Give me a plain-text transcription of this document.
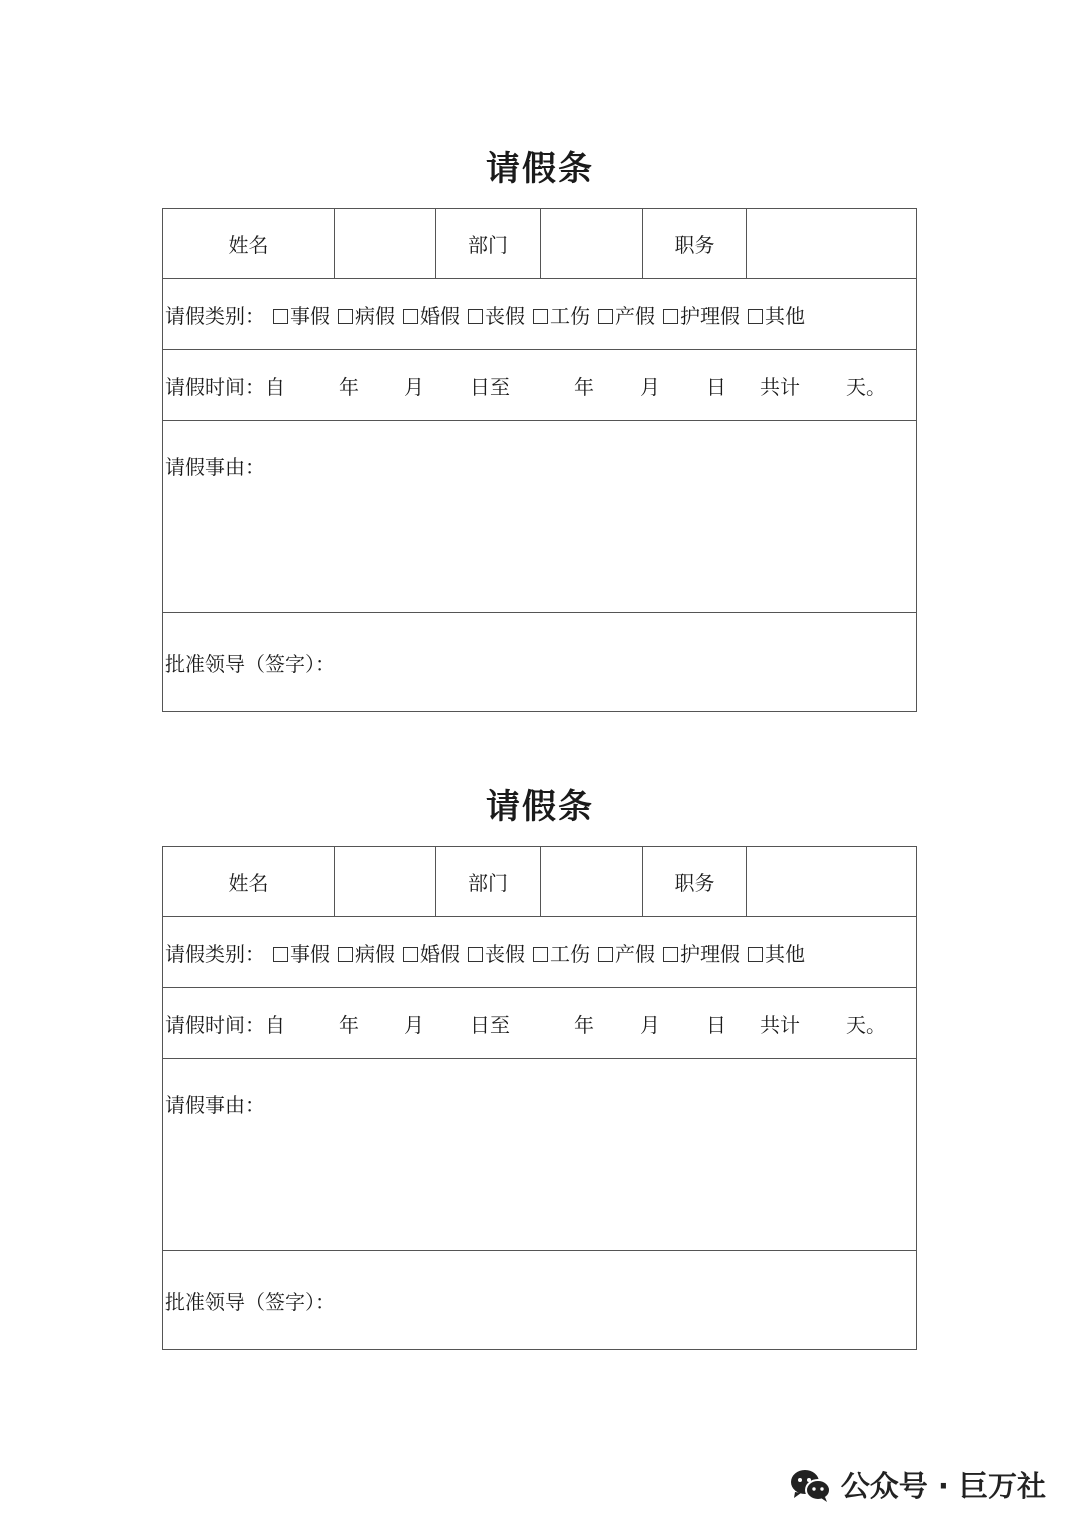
请假条
姓名		部门		职务	
请假类别： 事假 病假 婚假 丧假 工伤 产假 护理假 其他
请假时间：自	年 月 日至	年 月 日 共计 天。

请假事由：

批准领导（签字）：
请假条
姓名		部门		职务	
请假类别： 事假 病假 婚假 丧假 工伤 产假 护理假 其他
请假时间：自	年 月 日至	年 月 日 共计 天。

请假事由：

批准领导（签字）：
公众号 · 巨万社
